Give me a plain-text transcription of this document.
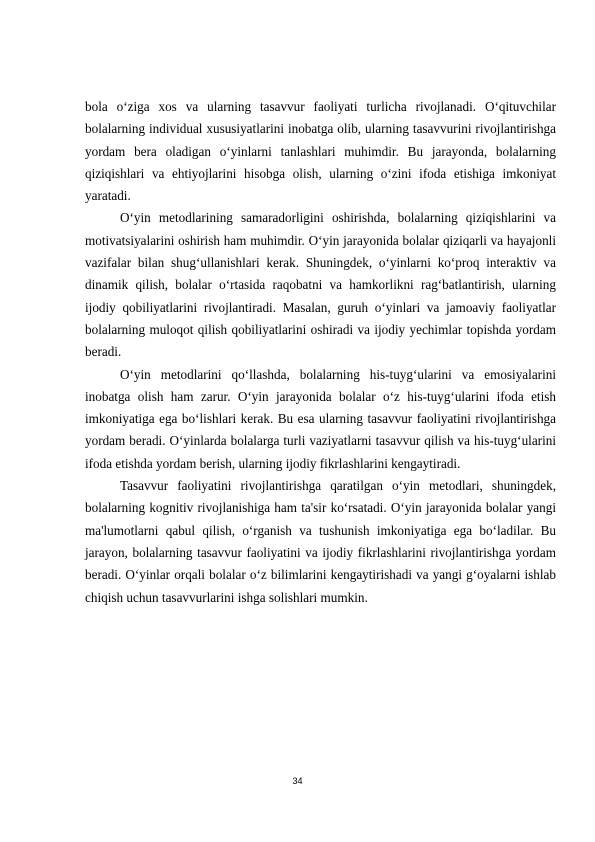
bola o‘ziga xos va ularning tasavvur faoliyati turlicha rivojlanadi. O‘qituvchilar bolalarning individual xususiyatlarini inobatga olib, ularning tasavvurini rivojlantirishga yordam bera oladigan o‘yinlarni tanlashlari muhimdir. Bu jarayonda, bolalarning qiziqishlari va ehtiyojlarini hisobga olish, ularning o‘zini ifoda etishiga imkoniyat yaratadi.

O‘yin metodlarining samaradorligini oshirishda, bolalarning qiziqishlarini va motivatsiyalarini oshirish ham muhimdir. O‘yin jarayonida bolalar qiziqarli va hayajonli vazifalar bilan shug‘ullanishlari kerak. Shuningdek, o‘yinlarni ko‘proq interaktiv va dinamik qilish, bolalar o‘rtasida raqobatni va hamkorlikni rag‘batlantirish, ularning ijodiy qobiliyatlarini rivojlantiradi. Masalan, guruh o‘yinlari va jamoaviy faoliyatlar bolalarning muloqot qilish qobiliyatlarini oshiradi va ijodiy yechimlar topishda yordam beradi.

O‘yin metodlarini qo‘llashda, bolalarning his-tuyg‘ularini va emosiyalarini inobatga olish ham zarur. O‘yin jarayonida bolalar o‘z his-tuyg‘ularini ifoda etish imkoniyatiga ega bo‘lishlari kerak. Bu esa ularning tasavvur faoliyatini rivojlantirishga yordam beradi. O‘yinlarda bolalarga turli vaziyatlarni tasavvur qilish va his-tuyg‘ularini ifoda etishda yordam berish, ularning ijodiy fikrlashlarini kengaytiradi.

Tasavvur faoliyatini rivojlantirishga qaratilgan o‘yin metodlari, shuningdek, bolalarning kognitiv rivojlanishiga ham ta'sir ko‘rsatadi. O‘yin jarayonida bolalar yangi ma'lumotlarni qabul qilish, o‘rganish va tushunish imkoniyatiga ega bo‘ladilar. Bu jarayon, bolalarning tasavvur faoliyatini va ijodiy fikrlashlarini rivojlantirishga yordam beradi. O‘yinlar orqali bolalar o‘z bilimlarini kengaytirishadi va yangi g‘oyalarni ishlab chiqish uchun tasavvurlarini ishga solishlari mumkin.

34
